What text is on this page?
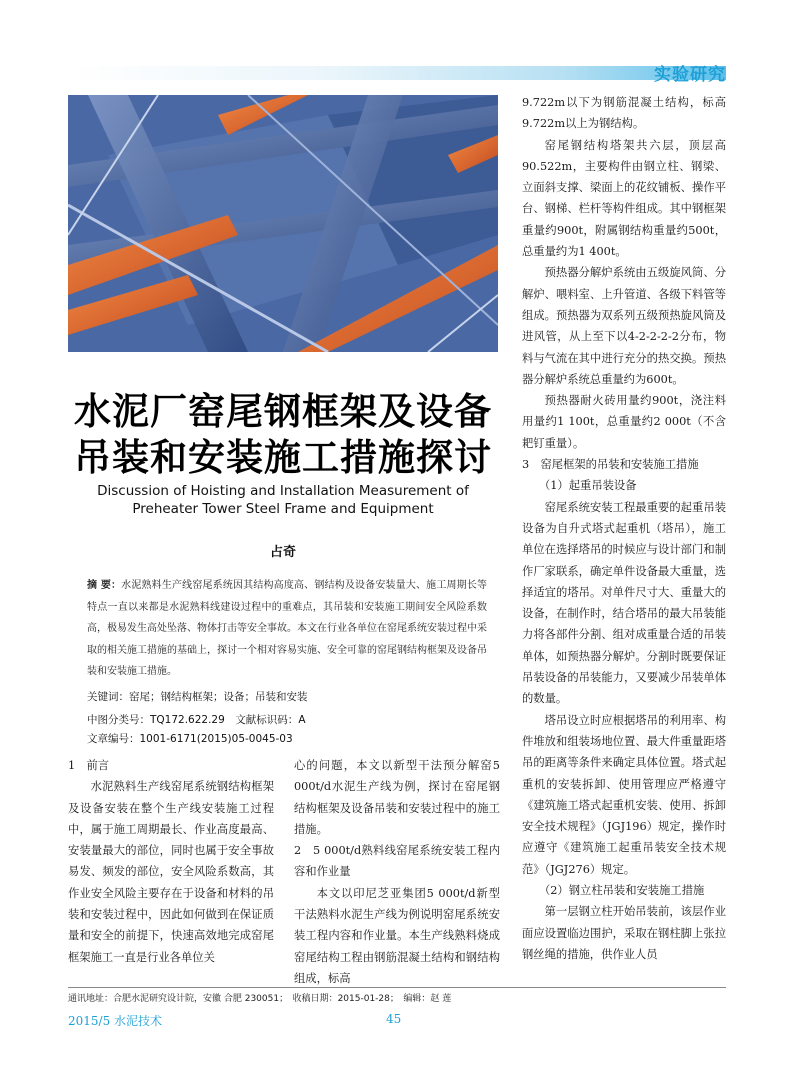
实验研究
水泥厂窑尾钢框架及设备
吊装和安装施工措施探讨
Discussion of Hoisting and Installation Measurement of
Preheater Tower Steel Frame and Equipment
占奇
摘 要：水泥熟料生产线窑尾系统因其结构高度高、钢结构及设备安装量大、施工周期长等特点一直以来都是水泥熟料线建设过程中的重难点，其吊装和安装施工期间安全风险系数高，极易发生高处坠落、物体打击等安全事故。本文在行业各单位在窑尾系统安装过程中采取的相关施工措施的基础上，探讨一个相对容易实施、安全可靠的窑尾钢结构框架及设备吊装和安装施工措施。
关键词：窑尾；钢结构框架；设备；吊装和安装
中图分类号：TQ172.622.29　 文献标识码：A
文章编号：1001-6171(2015)05-0045-03

1　前言

水泥熟料生产线窑尾系统钢结构框架及设备安装在整个生产线安装施工过程中，属于施工周期最长、作业高度最高、安装量最大的部位，同时也属于安全事故易发、频发的部位，安全风险系数高，其作业安全风险主要存在于设备和材料的吊装和安装过程中，因此如何做到在保证质量和安全的前提下，快速高效地完成窑尾框架施工一直是行业各单位关

心的问题，本文以新型干法预分解窑5 000t/d水泥生产线为例，探讨在窑尾钢结构框架及设备吊装和安装过程中的施工措施。

2　5 000t/d熟料线窑尾系统安装工程内容和作业量

本文以印尼芝亚集团5 000t/d新型干法熟料水泥生产线为例说明窑尾系统安装工程内容和作业量。本生产线熟料烧成窑尾结构工程由钢筋混凝土结构和钢结构组成，标高

9.722m以下为钢筋混凝土结构，标高9.722m以上为钢结构。

窑尾钢结构塔架共六层，顶层高90.522m，主要构件由钢立柱、钢梁、立面斜支撑、梁面上的花纹铺板、操作平台、钢梯、栏杆等构件组成。其中钢框架重量约900t，附属钢结构重量约500t，总重量约为1 400t。

预热器分解炉系统由五级旋风筒、分解炉、喂料室、上升管道、各级下料管等组成。预热器为双系列五级预热旋风筒及进风管，从上至下以4-2-2-2-2分布，物料与气流在其中进行充分的热交换。预热器分解炉系统总重量约为600t。

预热器耐火砖用量约900t，浇注料用量约1 100t，总重量约2 000t（不含耙钉重量）。

3　窑尾框架的吊装和安装施工措施

（1）起重吊装设备

窑尾系统安装工程最重要的起重吊装设备为自升式塔式起重机（塔吊），施工单位在选择塔吊的时候应与设计部门和制作厂家联系，确定单件设备最大重量，选择适宜的塔吊。对单件尺寸大、重量大的设备，在制作时，结合塔吊的最大吊装能力将各部件分割、组对成重量合适的吊装单体，如预热器分解炉。分割时既要保证吊装设备的吊装能力，又要减少吊装单体的数量。

塔吊设立时应根据塔吊的利用率、构件堆放和组装场地位置、最大件重量距塔吊的距离等条件来确定具体位置。塔式起重机的安装拆卸、使用管理应严格遵守《建筑施工塔式起重机安装、使用、拆卸安全技术规程》（JGJ196）规定，操作时应遵守《建筑施工起重吊装安全技术规范》（JGJ276）规定。

（2）钢立柱吊装和安装施工措施

第一层钢立柱开始吊装前，该层作业面应设置临边围护，采取在钢柱脚上张拉钢丝绳的措施，供作业人员

通讯地址：合肥水泥研究设计院，安徽 合肥 230051；　收稿日期：2015-01-28；　编辑：赵 莲
2015/5 水泥技术	45
